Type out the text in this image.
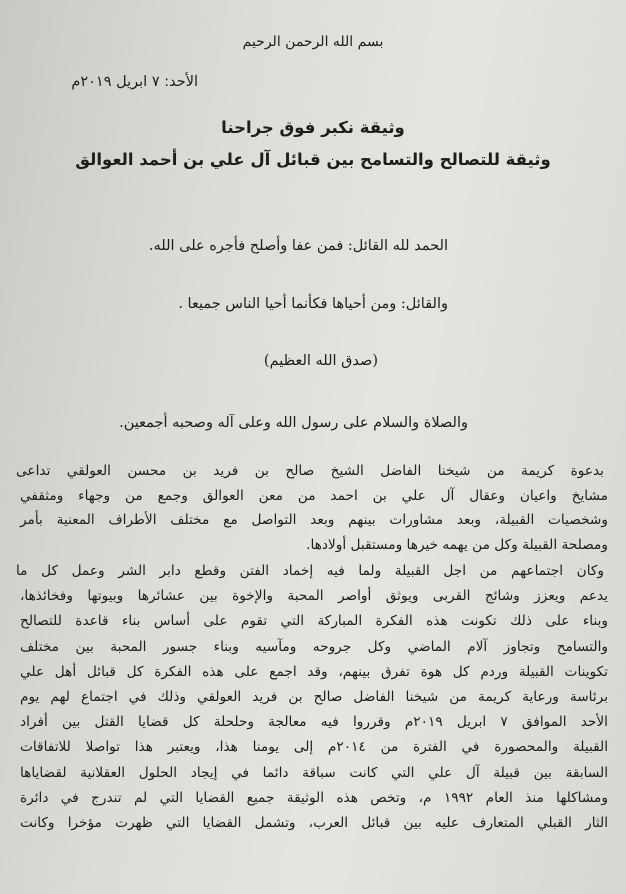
بسم الله الرحمن الرحيم
الأحد: ٧ ابريل ٢٠١٩م
وثيقة نكبر فوق جراحنا
وثيقة للتصالح والتسامح بين قبائل آل علي بن أحمد العوالق
الحمد لله القائل: فمن عفا وأصلح فأجره على الله.
والقائل: ومن أحياها فكأنما أحيا الناس جميعا .
(صدق الله العظيم)
والصلاة والسلام على رسول الله وعلى آله وصحبه أجمعين.
بدعوة كريمة من شيخنا الفاضل الشيخ صالح بن فريد بن محسن العولقي تداعى
مشايخ واعيان وعقال آل علي بن احمد من معن العوالق وجمع من وجهاء ومثقفي
وشخصيات القبيلة، وبعد مشاورات بينهم وبعد التواصل مع مختلف الأطراف المعنية بأمر
ومصلحة القبيلة وكل من يهمه خيرها ومستقبل أولادها.
وكان اجتماعهم من اجل القبيلة ولما فيه إخماد الفتن وقطع دابر الشر وعمل كل ما
يدعم ويعزز وشائج القربى ويوثق أواصر المحبة والإخوة بين عشائرها وبيوتها وفخائذها،
وبناء على ذلك تكونت هذه الفكرة المباركة التي تقوم على أساس بناء قاعدة للتصالح
والتسامح وتجاوز آلام الماضي وكل جروحه ومآسيه وبناء جسور المحبة بين مختلف
تكوينات القبيلة وردم كل هوة تفرق بينهم، وقد اجمع على هذه الفكرة كل قبائل أهل علي
برئاسة ورعاية كريمة من شيخنا الفاضل صالح بن فريد العولقي وذلك في اجتماع لهم يوم
الأحد الموافق ٧ ابريل ٢٠١٩م وقرروا فيه معالجة وحلحلة كل قضايا القتل بين أفراد
القبيلة والمحصورة في الفترة من ٢٠١٤م إلى يومنا هذا، ويعتبر هذا تواصلا للاتفاقات
السابقة بين قبيلة آل علي التي كانت سباقة دائما في إيجاد الحلول العقلانية لقضاياها
ومشاكلها منذ العام ١٩٩٢ م، وتخص هذه الوثيقة جميع القضايا التي لم تندرج في دائرة
الثار القبلي المتعارف عليه بين قبائل العرب، وتشمل القضايا التي ظهرت مؤخرا وكانت
